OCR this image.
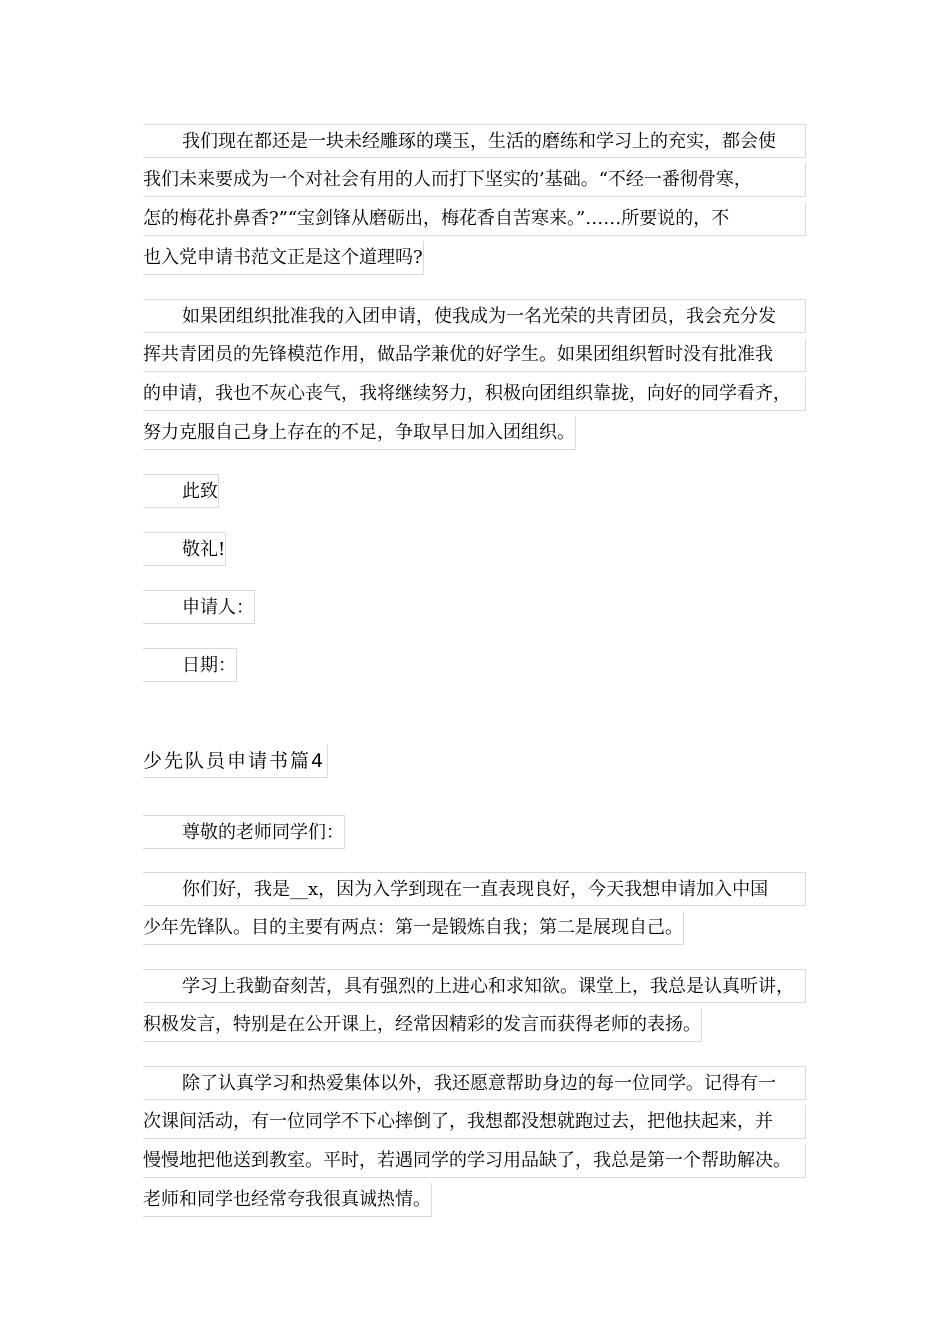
我们现在都还是一块未经雕琢的璞玉，生活的磨练和学习上的充实，都会使
我们未来要成为一个对社会有用的人而打下坚实的’基础。“不经一番彻骨寒，
怎的梅花扑鼻香?”“宝剑锋从磨砺出，梅花香自苦寒来。”……所要说的，不
也入党申请书范文正是这个道理吗?
如果团组织批准我的入团申请，使我成为一名光荣的共青团员，我会充分发
挥共青团员的先锋模范作用，做品学兼优的好学生。如果团组织暂时没有批准我
的申请，我也不灰心丧气，我将继续努力，积极向团组织靠拢，向好的同学看齐，
努力克服自己身上存在的不足，争取早日加入团组织。
此致
敬礼!
申请人：
日期：
少先队员申请书篇4
尊敬的老师同学们：
你们好，我是__x，因为入学到现在一直表现良好，今天我想申请加入中国
少年先锋队。目的主要有两点：第一是锻炼自我；第二是展现自己。
学习上我勤奋刻苦，具有强烈的上进心和求知欲。课堂上，我总是认真听讲，
积极发言，特别是在公开课上，经常因精彩的发言而获得老师的表扬。
除了认真学习和热爱集体以外，我还愿意帮助身边的每一位同学。记得有一
次课间活动，有一位同学不下心摔倒了，我想都没想就跑过去，把他扶起来，并
慢慢地把他送到教室。平时，若遇同学的学习用品缺了，我总是第一个帮助解决。
老师和同学也经常夸我很真诚热情。
